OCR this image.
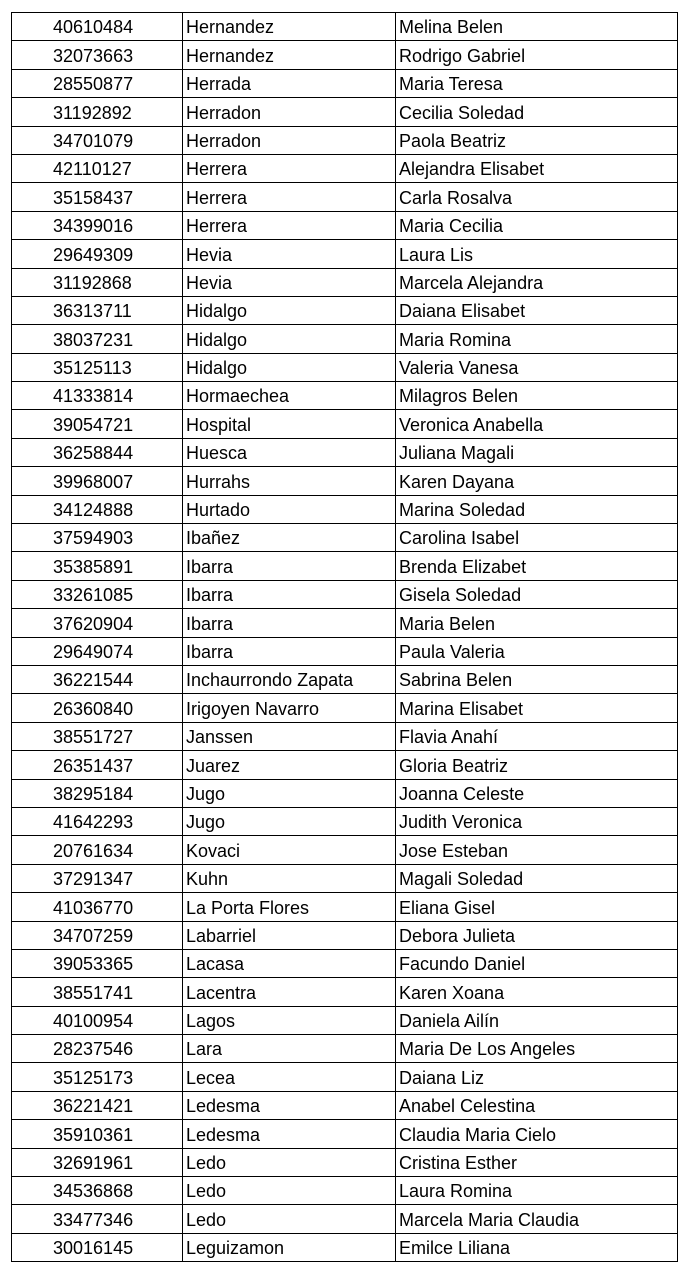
40610484	Hernandez	Melina Belen
32073663	Hernandez	Rodrigo Gabriel
28550877	Herrada	Maria Teresa
31192892	Herradon	Cecilia Soledad
34701079	Herradon	Paola Beatriz
42110127	Herrera	Alejandra Elisabet
35158437	Herrera	Carla Rosalva
34399016	Herrera	Maria Cecilia
29649309	Hevia	Laura Lis
31192868	Hevia	Marcela Alejandra
36313711	Hidalgo	Daiana Elisabet
38037231	Hidalgo	Maria Romina
35125113	Hidalgo	Valeria Vanesa
41333814	Hormaechea	Milagros Belen
39054721	Hospital	Veronica Anabella
36258844	Huesca	Juliana Magali
39968007	Hurrahs	Karen Dayana
34124888	Hurtado	Marina Soledad
37594903	Ibañez	Carolina Isabel
35385891	Ibarra	Brenda Elizabet
33261085	Ibarra	Gisela Soledad
37620904	Ibarra	Maria Belen
29649074	Ibarra	Paula Valeria
36221544	Inchaurrondo Zapata	Sabrina Belen
26360840	Irigoyen Navarro	Marina Elisabet
38551727	Janssen	Flavia Anahí
26351437	Juarez	Gloria Beatriz
38295184	Jugo	Joanna Celeste
41642293	Jugo	Judith Veronica
20761634	Kovaci	Jose Esteban
37291347	Kuhn	Magali Soledad
41036770	La Porta Flores	Eliana Gisel
34707259	Labarriel	Debora Julieta
39053365	Lacasa	Facundo Daniel
38551741	Lacentra	Karen Xoana
40100954	Lagos	Daniela Ailín
28237546	Lara	Maria De Los Angeles
35125173	Lecea	Daiana Liz
36221421	Ledesma	Anabel Celestina
35910361	Ledesma	Claudia Maria Cielo
32691961	Ledo	Cristina Esther
34536868	Ledo	Laura Romina
33477346	Ledo	Marcela Maria Claudia
30016145	Leguizamon	Emilce Liliana
